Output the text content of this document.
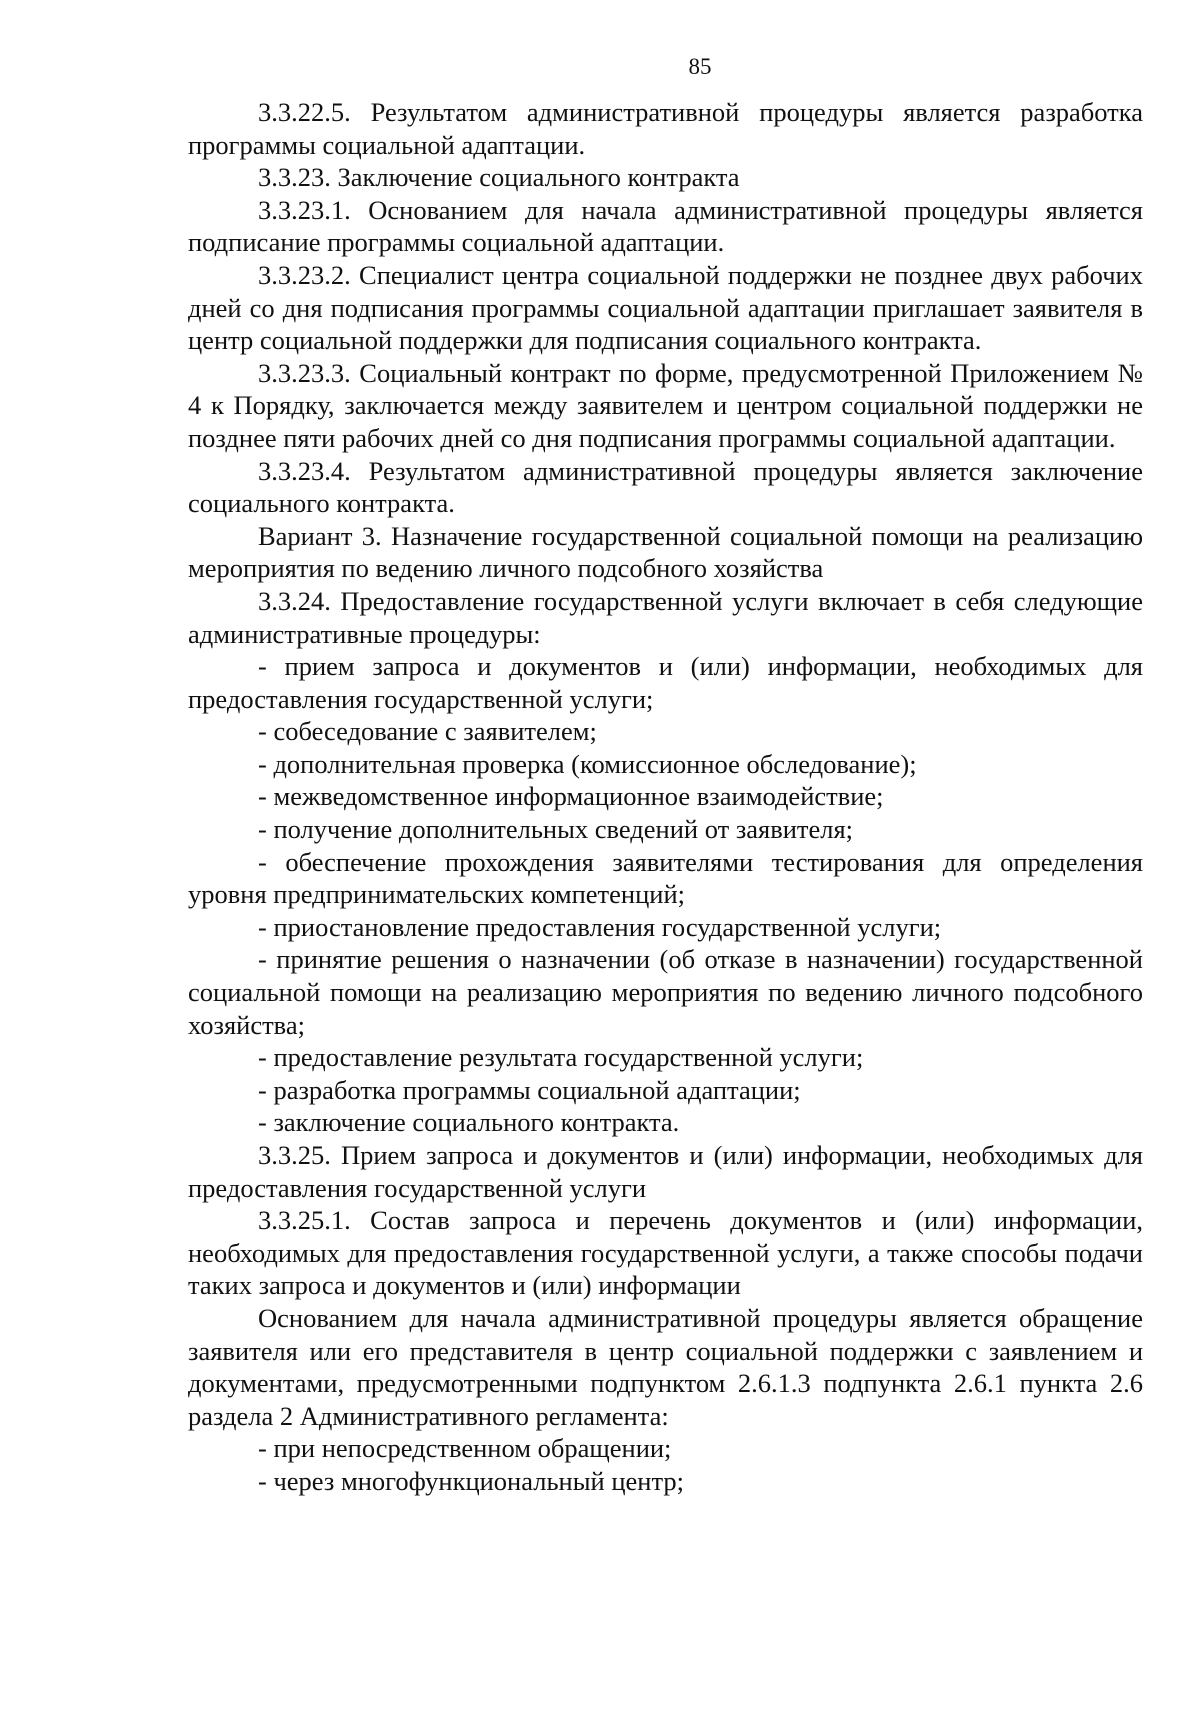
85

3.3.22.5. Результатом административной процедуры является разработка программы социальной адаптации.

3.3.23. Заключение социального контракта

3.3.23.1. Основанием для начала административной процедуры является подписание программы социальной адаптации.

3.3.23.2. Специалист центра социальной поддержки не позднее двух рабочих дней со дня подписания программы социальной адаптации приглашает заявителя в центр социальной поддержки для подписания социального контракта.

3.3.23.3. Социальный контракт по форме, предусмотренной Приложением № 4 к Порядку, заключается между заявителем и центром социальной поддержки не позднее пяти рабочих дней со дня подписания программы социальной адаптации.

3.3.23.4. Результатом административной процедуры является заключение социального контракта.

Вариант 3. Назначение государственной социальной помощи на реализацию мероприятия по ведению личного подсобного хозяйства

3.3.24. Предоставление государственной услуги включает в себя следующие административные процедуры:

- прием запроса и документов и (или) информации, необходимых для предоставления государственной услуги;

- собеседование с заявителем;

- дополнительная проверка (комиссионное обследование);

- межведомственное информационное взаимодействие;

- получение дополнительных сведений от заявителя;

- обеспечение прохождения заявителями тестирования для определения уровня предпринимательских компетенций;

- приостановление предоставления государственной услуги;

- принятие решения о назначении (об отказе в назначении) государственной социальной помощи на реализацию мероприятия по ведению личного подсобного хозяйства;

- предоставление результата государственной услуги;

- разработка программы социальной адаптации;

- заключение социального контракта.

3.3.25. Прием запроса и документов и (или) информации, необходимых для предоставления государственной услуги

3.3.25.1. Состав запроса и перечень документов и (или) информации, необходимых для предоставления государственной услуги, а также способы подачи таких запроса и документов и (или) информации

Основанием для начала административной процедуры является обращение заявителя или его представителя в центр социальной поддержки с заявлением и документами, предусмотренными подпунктом 2.6.1.3 подпункта 2.6.1 пункта 2.6 раздела 2 Административного регламента:

- при непосредственном обращении;

- через многофункциональный центр;
